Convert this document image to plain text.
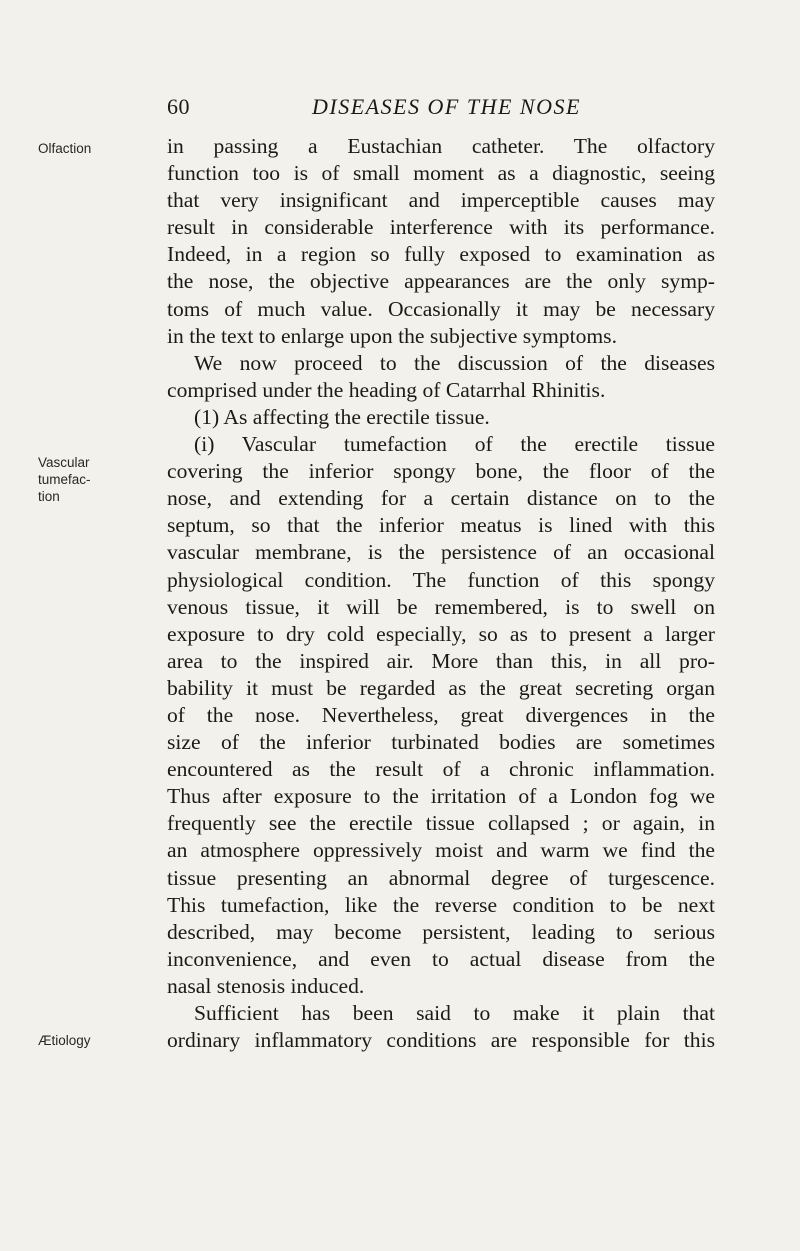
60	DISEASES OF THE NOSE
Olfaction
Vascular
tumefac-
tion
Ætiology
in passing a Eustachian catheter. The olfactory
function too is of small moment as a diagnostic, seeing
that very insignificant and imperceptible causes may
result in considerable interference with its performance.
Indeed, in a region so fully exposed to examination as
the nose, the objective appearances are the only symp-
toms of much value. Occasionally it may be necessary
in the text to enlarge upon the subjective symptoms.
We now proceed to the discussion of the diseases
comprised under the heading of Catarrhal Rhinitis.
(1) As affecting the erectile tissue.
(i) Vascular tumefaction of the erectile tissue
covering the inferior spongy bone, the floor of the
nose, and extending for a certain distance on to the
septum, so that the inferior meatus is lined with this
vascular membrane, is the persistence of an occasional
physiological condition. The function of this spongy
venous tissue, it will be remembered, is to swell on
exposure to dry cold especially, so as to present a larger
area to the inspired air. More than this, in all pro-
bability it must be regarded as the great secreting organ
of the nose. Nevertheless, great divergences in the
size of the inferior turbinated bodies are sometimes
encountered as the result of a chronic inflammation.
Thus after exposure to the irritation of a London fog we
frequently see the erectile tissue collapsed ; or again, in
an atmosphere oppressively moist and warm we find the
tissue presenting an abnormal degree of turgescence.
This tumefaction, like the reverse condition to be next
described, may become persistent, leading to serious
inconvenience, and even to actual disease from the
nasal stenosis induced.
Sufficient has been said to make it plain that
ordinary inflammatory conditions are responsible for this
